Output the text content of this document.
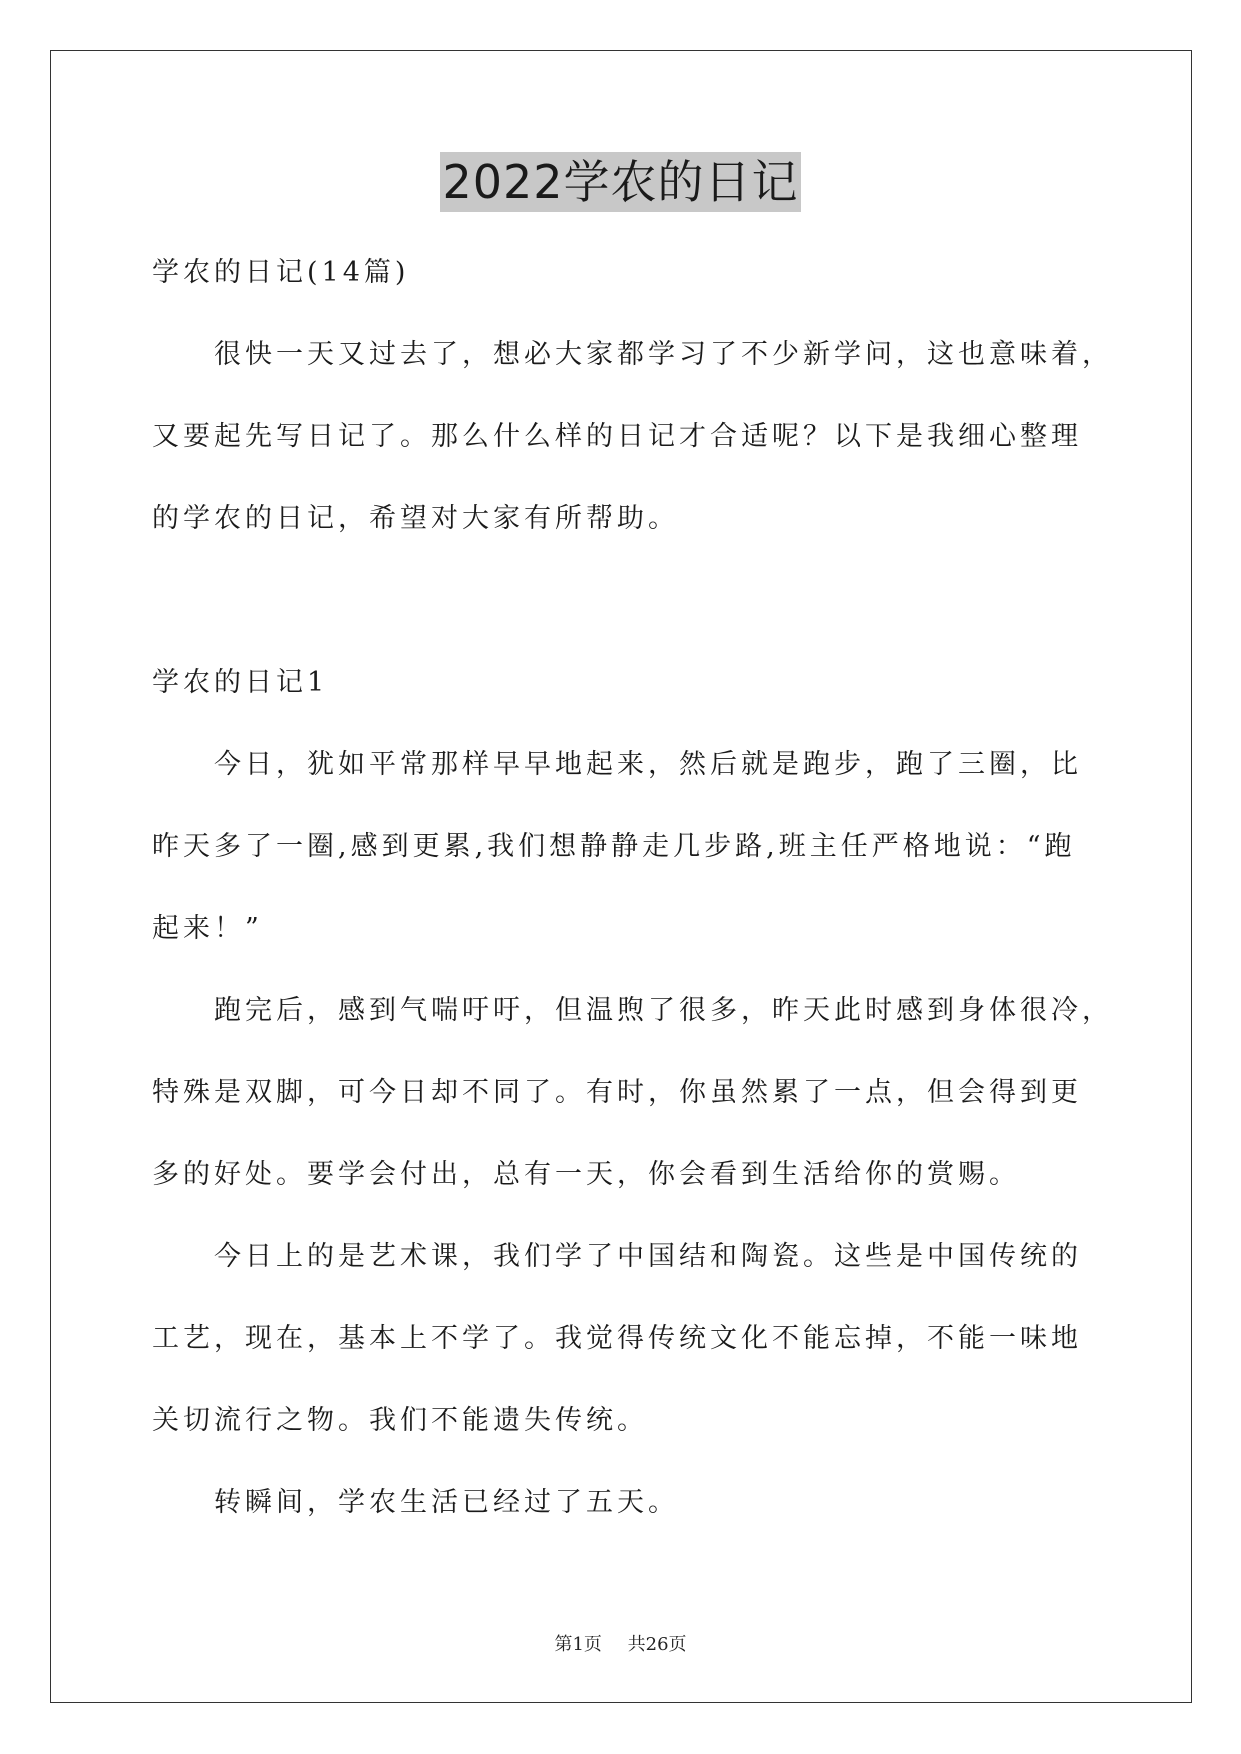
2022学农的日记
学农的日记(14篇)
很快一天又过去了，想必大家都学习了不少新学问，这也意味着，
又要起先写日记了。那么什么样的日记才合适呢？以下是我细心整理
的学农的日记，希望对大家有所帮助。
学农的日记1
今日，犹如平常那样早早地起来，然后就是跑步，跑了三圈，比
昨天多了一圈,感到更累,我们想静静走几步路,班主任严格地说：“跑
起来！”
跑完后，感到气喘吁吁，但温煦了很多，昨天此时感到身体很冷，
特殊是双脚，可今日却不同了。有时，你虽然累了一点，但会得到更
多的好处。要学会付出，总有一天，你会看到生活给你的赏赐。
今日上的是艺术课，我们学了中国结和陶瓷。这些是中国传统的
工艺，现在，基本上不学了。我觉得传统文化不能忘掉，不能一味地
关切流行之物。我们不能遗失传统。
转瞬间，学农生活已经过了五天。
第1页 共26页
